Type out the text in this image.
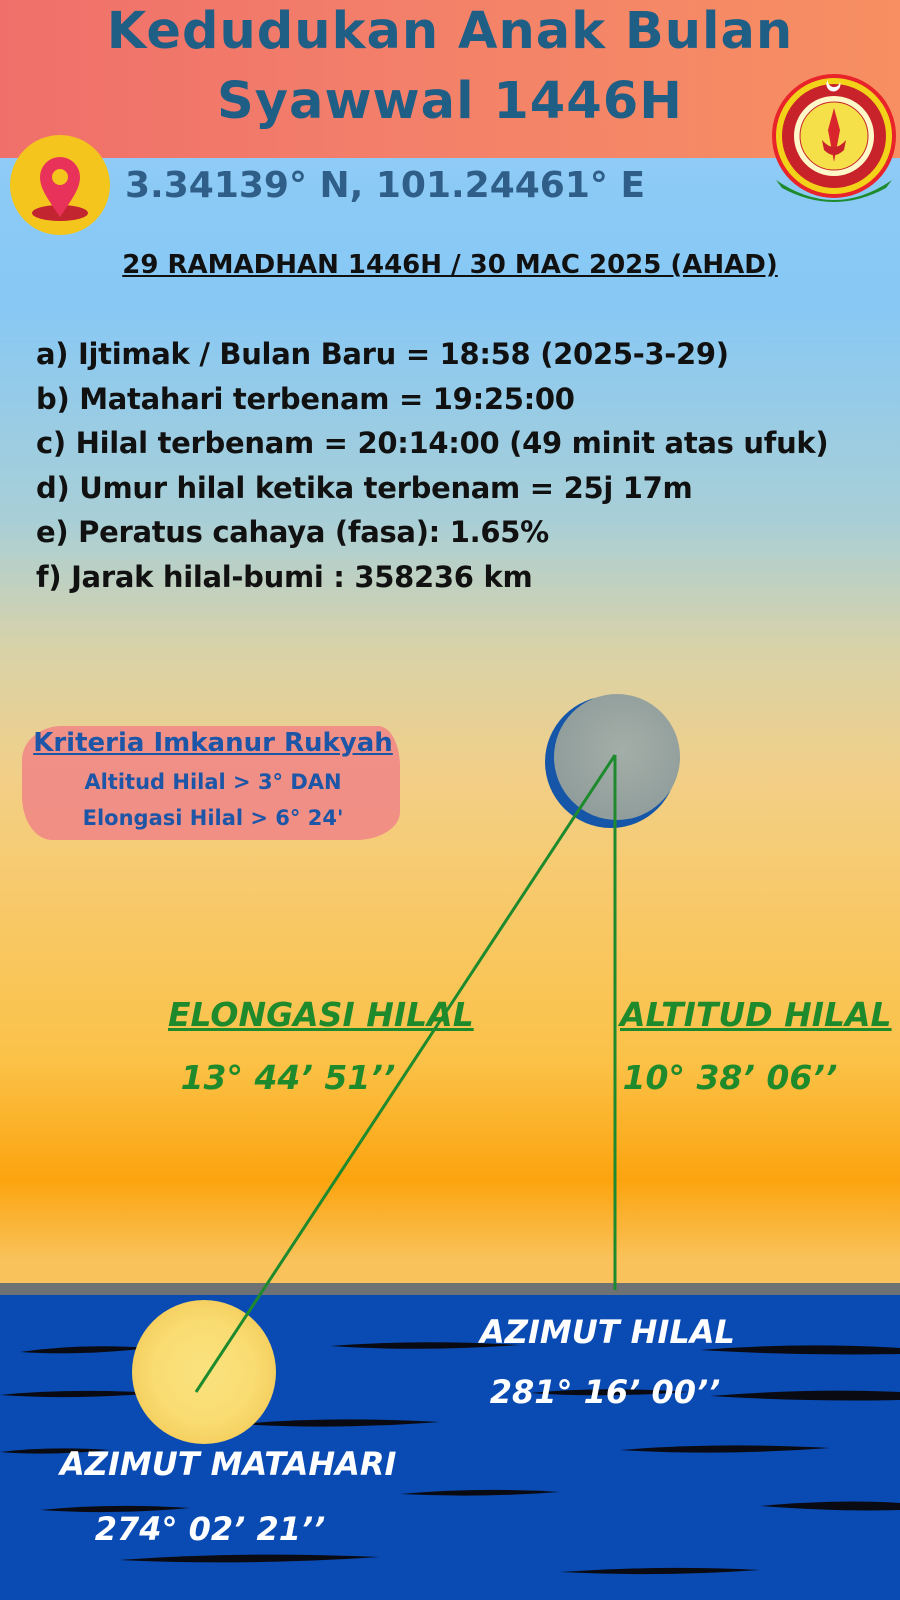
Kedudukan Anak Bulan
Syawwal 1446H
3.34139° N, 101.24461° E
29 RAMADHAN 1446H / 30 MAC 2025 (AHAD)
a) Ijtimak / Bulan Baru = 18:58 (2025-3-29)
b) Matahari terbenam = 19:25:00
c) Hilal terbenam = 20:14:00 (49 minit atas ufuk)
d) Umur hilal ketika terbenam = 25j 17m
e) Peratus cahaya (fasa): 1.65%
f) Jarak hilal-bumi : 358236 km
Kriteria Imkanur Rukyah
Altitud Hilal > 3° DAN
Elongasi Hilal > 6° 24'
ELONGASI HILAL
13° 44’ 51’’
ALTITUD HILAL
10° 38’ 06’’
AZIMUT HILAL
281° 16’ 00’’
AZIMUT MATAHARI
274° 02’ 21’’
